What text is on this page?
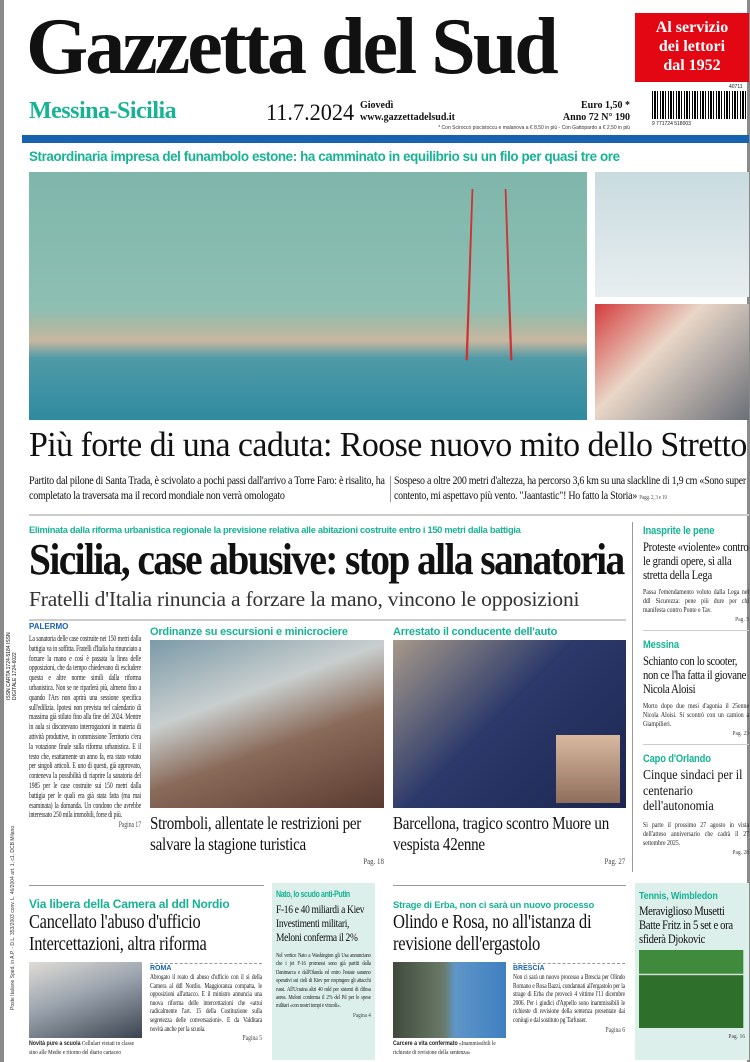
Gazzetta del Sud	Al servizio dei lettori dal 1952
Messina-Sicilia	11.7.2024 Giovedì
www.gazzettadelsud.it
Euro 1,50 *
Anno 72 N° 190
* Con Scirocco piscistoccu e malanova a € 8,50 in più - Con Gattopardo a € 2,50 in più
9 771724 518003
40711
Straordinaria impresa del funambolo estone: ha camminato in equilibrio su un filo per quasi tre ore
Più forte di una caduta: Roose nuovo mito dello Stretto
Partito dal pilone di Santa Trada, è scivolato a pochi passi dall'arrivo a Torre Faro: è risalito, ha completato la traversata ma il record mondiale non verrà omologato
Sospeso a oltre 200 metri d'altezza, ha percorso 3,6 km su una slackline di 1,9 cm «Sono super contento, mi aspettavo più vento. "Jaantastic"! Ho fatto la Storia» Pagg. 2, 3 e 19
Eliminata dalla riforma urbanistica regionale la previsione relativa alle abitazioni costruite entro i 150 metri dalla battigia
Sicilia, case abusive: stop alla sanatoria
Fratelli d'Italia rinuncia a forzare la mano, vincono le opposizioni
PALERMO
La sanatoria delle case costruite nei 150 metri dalla battigia va in soffitta. Fratelli d'Italia ha rinunciato a forzare la mano e così è passata la linea delle opposizioni, che da tempo chiedevano di escludere questa e altre norme simili dalla riforma urbanistica. Non se ne riparlerà più, almeno fino a quando l'Ars non aprirà una sessione specifica sull'edilizia. Ipotesi non prevista nel calendario di massima già stilato fino alla fine del 2024. Mentre in aula si discutevano interrogazioni in materia di attività produttive, in commissione Territorio c'era la votazione finale sulla riforma urbanistica. E il testo che, esattamente un anno fa, era stato votato per singoli articoli. E uno di questi, già approvato, conteneva la possibilità di riaprire la sanatoria del 1985 per le case costruite sui 150 metri dalla battigia per le quali era già stata fatta (ma mai esaminata) la domanda. Un condono che avrebbe interessato 250 mila immobili, forse di più.
Pagina 17
Ordinanze su escursioni e minicrociere
Stromboli, allentate le restrizioni per salvare la stagione turistica
Pag. 18
Arrestato il conducente dell'auto
Barcellona, tragico scontro Muore un vespista 42enne
Pag. 27
Inasprite le pene
Proteste «violente» contro le grandi opere, sì alla stretta della Lega
Passa l'emendamento voluto dalla Lega nel ddl Sicurezza: pene più dure per chi manifesta contro Ponte e Tav.
Pag. 5
Messina
Schianto con lo scooter, non ce l'ha fatta il giovane Nicola Aloisi
Morto dopo due mesi d'agonia il 25enne Nicola Aloisi. Si scontrò con un camion a Giampilieri.
Pag. 23
Capo d'Orlando
Cinque sindaci per il centenario dell'autonomia
Si parte il prossimo 27 agosto in vista dell'atteso anniversario che cadrà il 27 settembre 2025.
Pag. 28
Via libera della Camera al ddl Nordio
Cancellato l'abuso d'ufficio Intercettazioni, altra riforma
Novità pure a scuola Cellulari vietati in classe sino alle Medie e ritorno del diario cartaceo
ROMA
Abrogato il reato di abuso d'ufficio con il sì della Camera al ddl Nordio. Maggioranza compatta, le opposizioni all'attacco. E il ministro annuncia una nuova riforma delle intercettazioni che «attui radicalmente l'art. 15 della Costituzione sulla segretezza delle conversazioni». E da Valditara novità anche per la scuola.
Pagina 5
Nato, lo scudo anti-Putin
F-16 e 40 miliardi a Kiev Investimenti militari, Meloni conferma il 2%
Nel vertice Nato a Washington gli Usa annunciano che i jet F-16 promessi sono già partiti dalla Danimarca e dall'Olanda ed entro l'estate saranno operativi sui cieli di Kiev per respingere gli attacchi russi. All'Ucraina altri 40 mld per sistemi di difesa aerea. Meloni conferma il 2% del Pil per le spese militari «con nostri tempi e vincoli».
Pagina 4
Strage di Erba, non ci sarà un nuovo processo
Olindo e Rosa, no all'istanza di revisione dell'ergastolo
Carcere a vita confermato «Inammissibili le richieste di revisione della sentenza»
BRESCIA
Non ci sarà un nuovo processo a Brescia per Olindo Romano e Rosa Bazzi, condannati all'ergastolo per la strage di Erba che provocò 4 vittime l'11 dicembre 2006. Per i giudici d'Appello sono inammissibili le richieste di revisione della sentenza presentate dai coniugi e dal sostituto pg Tarfusser.
Pagina 6
Tennis, Wimbledon
Meraviglioso Musetti Batte Fritz in 5 set e ora sfiderà Djokovic
Pag. 16
ISSN CARTA 1724-5184 ISSN DIGITALE 1724-6022
Poste Italiane Sped. in A.P. - D.L. 353/2003 conv. L. 46/2004 art. 1, c1, DCB Milano
